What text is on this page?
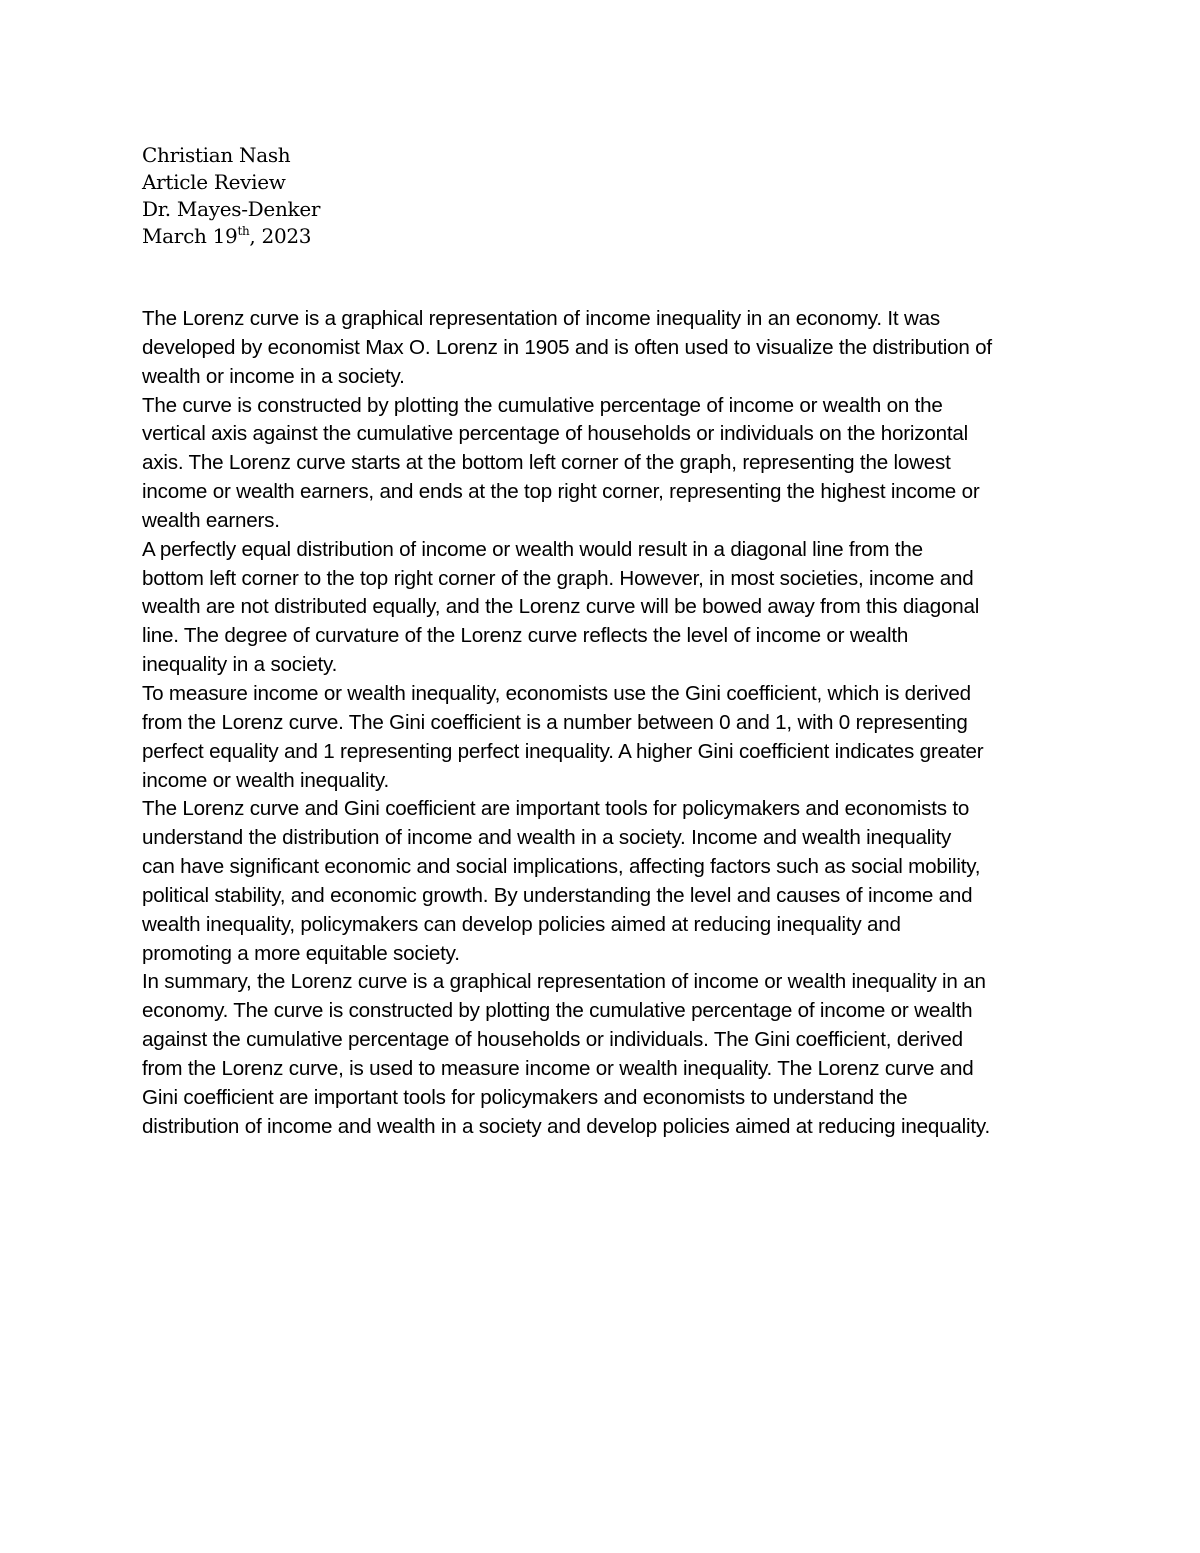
Christian Nash
Article Review
Dr. Mayes-Denker
March 19th, 2023
The Lorenz curve is a graphical representation of income inequality in an economy. It was
developed by economist Max O. Lorenz in 1905 and is often used to visualize the distribution of
wealth or income in a society.
The curve is constructed by plotting the cumulative percentage of income or wealth on the
vertical axis against the cumulative percentage of households or individuals on the horizontal
axis. The Lorenz curve starts at the bottom left corner of the graph, representing the lowest
income or wealth earners, and ends at the top right corner, representing the highest income or
wealth earners.
A perfectly equal distribution of income or wealth would result in a diagonal line from the
bottom left corner to the top right corner of the graph. However, in most societies, income and
wealth are not distributed equally, and the Lorenz curve will be bowed away from this diagonal
line. The degree of curvature of the Lorenz curve reflects the level of income or wealth
inequality in a society.
To measure income or wealth inequality, economists use the Gini coefficient, which is derived
from the Lorenz curve. The Gini coefficient is a number between 0 and 1, with 0 representing
perfect equality and 1 representing perfect inequality. A higher Gini coefficient indicates greater
income or wealth inequality.
The Lorenz curve and Gini coefficient are important tools for policymakers and economists to
understand the distribution of income and wealth in a society. Income and wealth inequality
can have significant economic and social implications, affecting factors such as social mobility,
political stability, and economic growth. By understanding the level and causes of income and
wealth inequality, policymakers can develop policies aimed at reducing inequality and
promoting a more equitable society.
In summary, the Lorenz curve is a graphical representation of income or wealth inequality in an
economy. The curve is constructed by plotting the cumulative percentage of income or wealth
against the cumulative percentage of households or individuals. The Gini coefficient, derived
from the Lorenz curve, is used to measure income or wealth inequality. The Lorenz curve and
Gini coefficient are important tools for policymakers and economists to understand the
distribution of income and wealth in a society and develop policies aimed at reducing inequality.
